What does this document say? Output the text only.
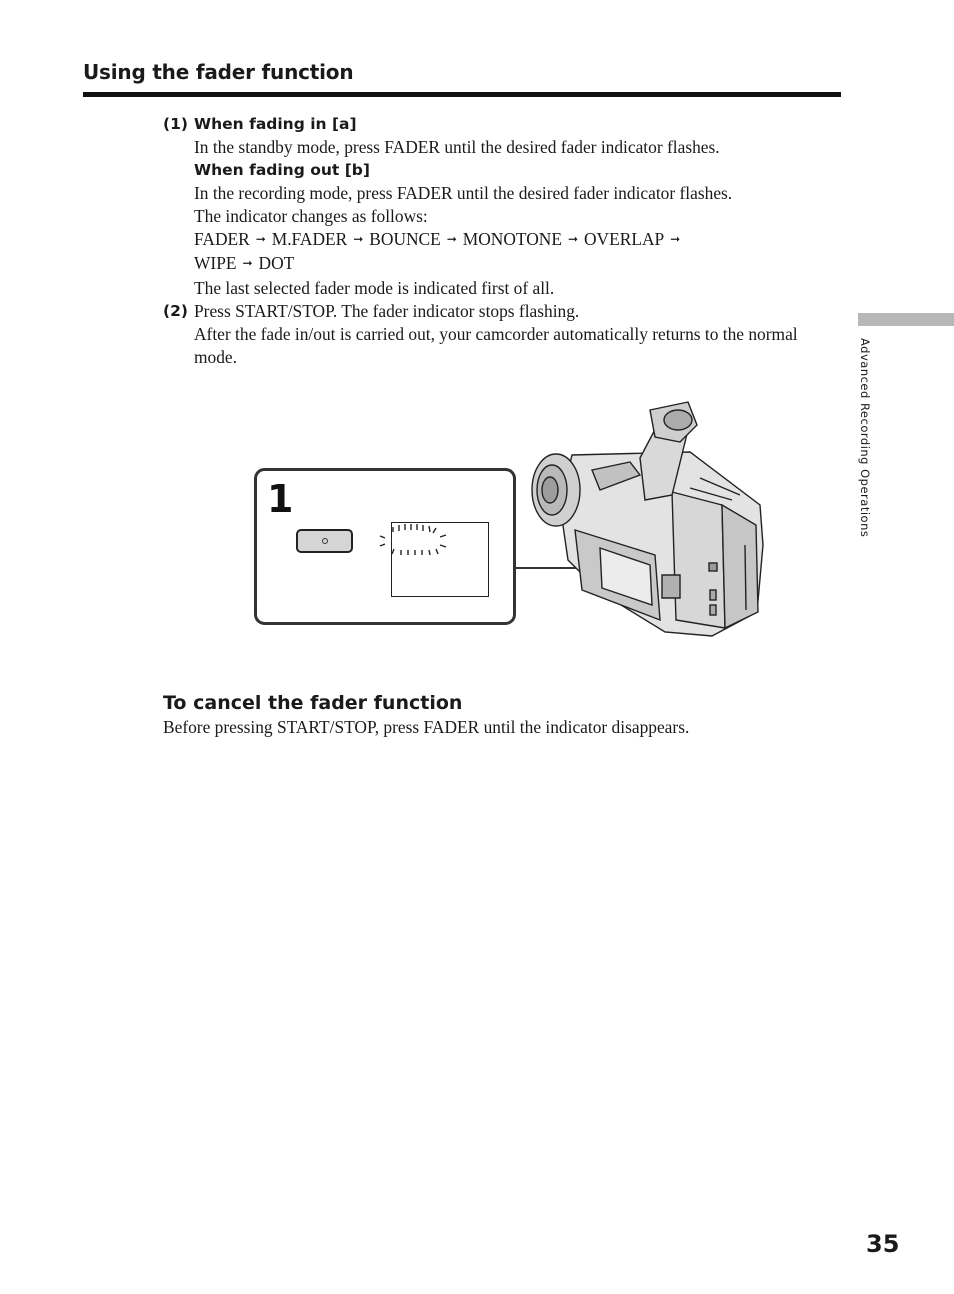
Using the fader function
(1) When fading in [a]
In the standby mode, press FADER until the desired fader indicator flashes.
When fading out [b]
In the recording mode, press FADER until the desired fader indicator flashes.
The indicator changes as follows:
FADER ➞ M.FADER ➞ BOUNCE ➞ MONOTONE ➞ OVERLAP ➞
WIPE ➞ DOT
The last selected fader mode is indicated first of all.
(2) Press START/STOP. The fader indicator stops flashing.
After the fade in/out is carried out, your camcorder automatically returns to the normal mode.
1
To cancel the fader function
Before pressing START/STOP, press FADER until the indicator disappears.
Advanced Recording Operations
35
